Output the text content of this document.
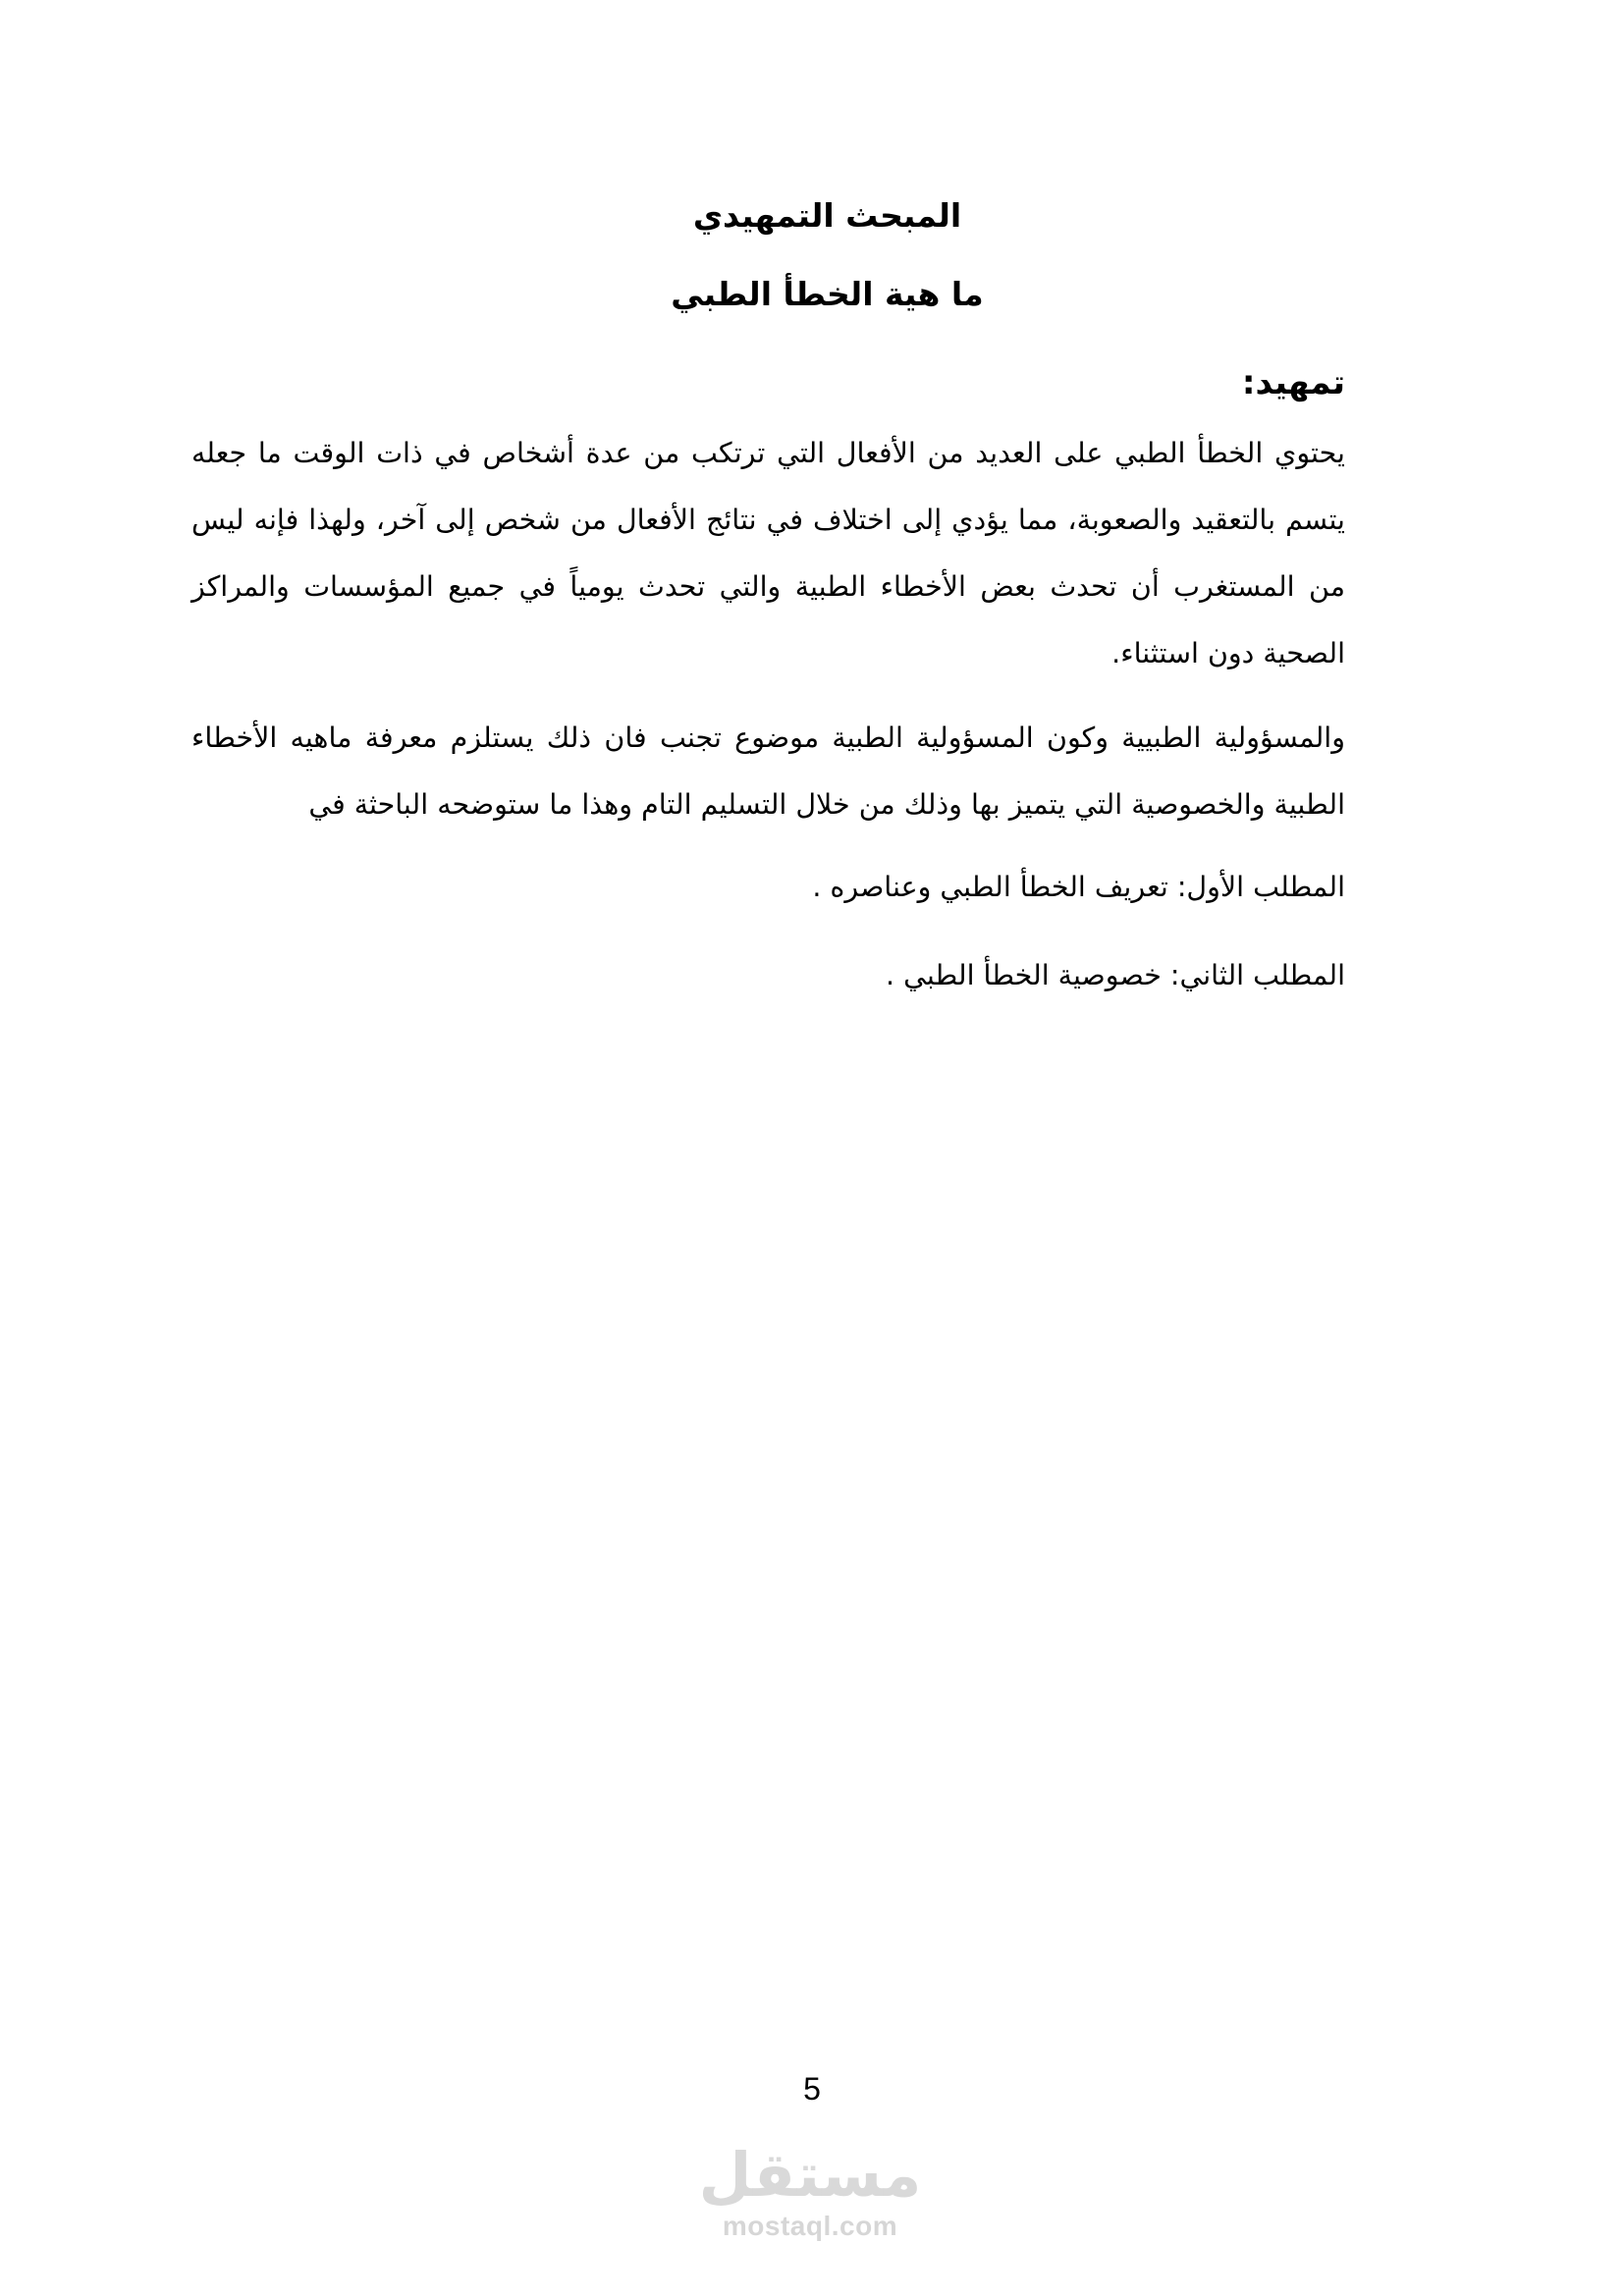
المبحث التمهيدي
ما هية الخطأ الطبي
تمهيد:

يحتوي الخطأ الطبي على العديد من الأفعال التي ترتكب من عدة أشخاص في ذات الوقت ما جعله يتسم بالتعقيد والصعوبة، مما يؤدي إلى اختلاف في نتائج الأفعال من شخص إلى آخر، ولهذا فإنه ليس من المستغرب أن تحدث بعض الأخطاء الطبية والتي تحدث يومياً في جميع المؤسسات والمراكز الصحية دون استثناء.

والمسؤولية الطبيية وكون المسؤولية الطبية موضوع تجنب فان ذلك يستلزم معرفة ماهيه الأخطاء الطبية والخصوصية التي يتميز بها وذلك من خلال التسليم التام وهذا ما ستوضحه الباحثة في

المطلب الأول: تعريف الخطأ الطبي وعناصره .

المطلب الثاني: خصوصية الخطأ الطبي .

5
مستقل
mostaql.com
